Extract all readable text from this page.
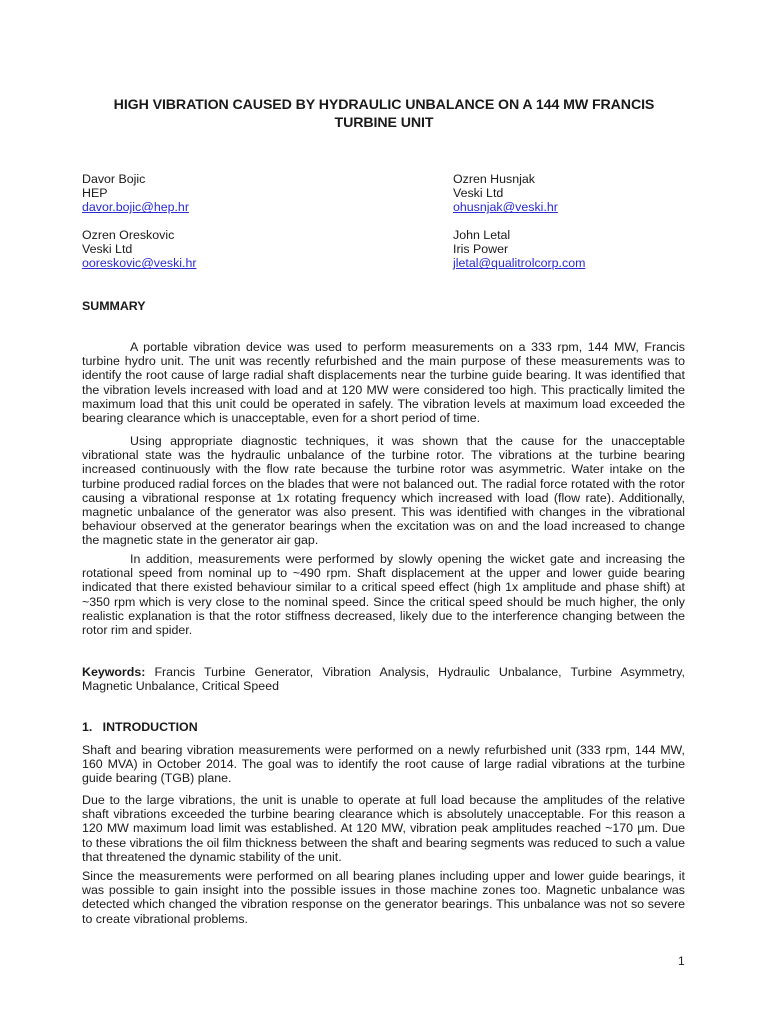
HIGH VIBRATION CAUSED BY HYDRAULIC UNBALANCE ON A 144 MW FRANCIS
TURBINE UNIT
Davor Bojic
HEP
davor.bojic@hep.hr
Ozren Husnjak
Veski Ltd
ohusnjak@veski.hr
Ozren Oreskovic
Veski Ltd
ooreskovic@veski.hr
John Letal
Iris Power
jletal@qualitrolcorp.com
SUMMARY
A portable vibration device was used to perform measurements on a 333 rpm, 144 MW, Francis turbine hydro unit. The unit was recently refurbished and the main purpose of these measurements was to identify the root cause of large radial shaft displacements near the turbine guide bearing. It was identified that the vibration levels increased with load and at 120 MW were considered too high. This practically limited the maximum load that this unit could be operated in safely. The vibration levels at maximum load exceeded the bearing clearance which is unacceptable, even for a short period of time.
Using appropriate diagnostic techniques, it was shown that the cause for the unacceptable vibrational state was the hydraulic unbalance of the turbine rotor. The vibrations at the turbine bearing increased continuously with the flow rate because the turbine rotor was asymmetric. Water intake on the turbine produced radial forces on the blades that were not balanced out. The radial force rotated with the rotor causing a vibrational response at 1x rotating frequency which increased with load (flow rate). Additionally, magnetic unbalance of the generator was also present. This was identified with changes in the vibrational behaviour observed at the generator bearings when the excitation was on and the load increased to change the magnetic state in the generator air gap.
In addition, measurements were performed by slowly opening the wicket gate and increasing the rotational speed from nominal up to ~490 rpm. Shaft displacement at the upper and lower guide bearing indicated that there existed behaviour similar to a critical speed effect (high 1x amplitude and phase shift) at ~350 rpm which is very close to the nominal speed. Since the critical speed should be much higher, the only realistic explanation is that the rotor stiffness decreased, likely due to the interference changing between the rotor rim and spider.
Keywords: Francis Turbine Generator, Vibration Analysis, Hydraulic Unbalance, Turbine Asymmetry, Magnetic Unbalance, Critical Speed
1.   INTRODUCTION
Shaft and bearing vibration measurements were performed on a newly refurbished unit (333 rpm, 144 MW, 160 MVA) in October 2014. The goal was to identify the root cause of large radial vibrations at the turbine guide bearing (TGB) plane.
Due to the large vibrations, the unit is unable to operate at full load because the amplitudes of the relative shaft vibrations exceeded the turbine bearing clearance which is absolutely unacceptable. For this reason a 120 MW maximum load limit was established. At 120 MW, vibration peak amplitudes reached ~170 µm. Due to these vibrations the oil film thickness between the shaft and bearing segments was reduced to such a value that threatened the dynamic stability of the unit.
Since the measurements were performed on all bearing planes including upper and lower guide bearings, it was possible to gain insight into the possible issues in those machine zones too. Magnetic unbalance was detected which changed the vibration response on the generator bearings. This unbalance was not so severe to create vibrational problems.
1
